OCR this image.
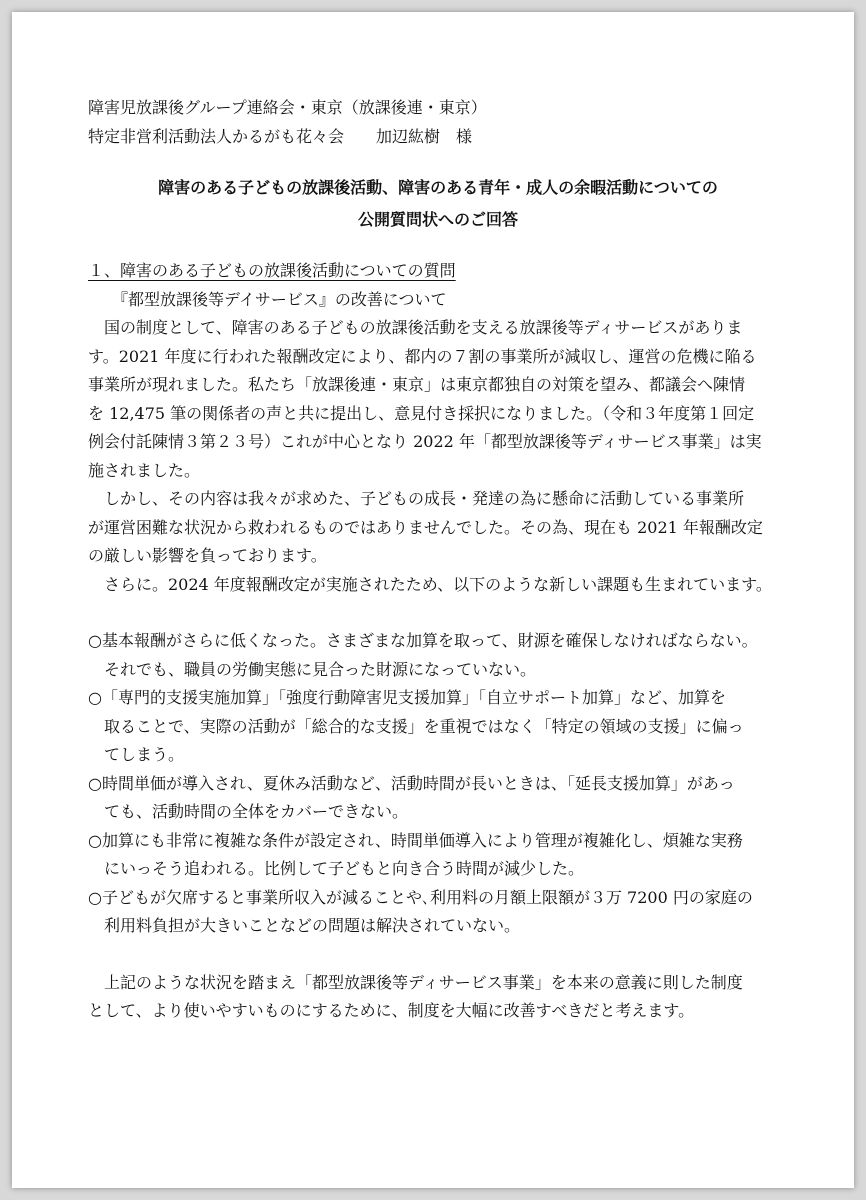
障害児放課後グループ連絡会・東京（放課後連・東京）

特定非営利活動法人かるがも花々会　　加辺紘樹　様

障害のある子どもの放課後活動、障害のある青年・成人の余暇活動についての

公開質問状へのご回答

１、障害のある子どもの放課後活動についての質問

『都型放課後等デイサービス』の改善について

国の制度として、障害のある子どもの放課後活動を支える放課後等ディサービスがありま

す。2021 年度に行われた報酬改定により、都内の７割の事業所が減収し、運営の危機に陥る

事業所が現れました。私たち「放課後連・東京」は東京都独自の対策を望み、都議会へ陳情

を 12,475 筆の関係者の声と共に提出し、意見付き採択になりました。（令和３年度第１回定

例会付託陳情３第２３号）これが中心となり 2022 年「都型放課後等ディサービス事業」は実

施されました。

しかし、その内容は我々が求めた、子どもの成長・発達の為に懸命に活動している事業所

が運営困難な状況から救われるものではありませんでした。その為、現在も 2021 年報酬改定

の厳しい影響を負っております。

さらに。2024 年度報酬改定が実施されたため、以下のような新しい課題も生まれています。

○基本報酬がさらに低くなった。さまざまな加算を取って、財源を確保しなければならない。

それでも、職員の労働実態に見合った財源になっていない。

○「専門的支援実施加算」「強度行動障害児支援加算」「自立サポート加算」など、加算を

取ることで、実際の活動が「総合的な支援」を重視ではなく「特定の領域の支援」に偏っ

てしまう。

○時間単価が導入され、夏休み活動など、活動時間が長いときは、「延長支援加算」があっ

ても、活動時間の全体をカバーできない。

○加算にも非常に複雑な条件が設定され、時間単価導入により管理が複雑化し、煩雑な実務

にいっそう追われる。比例して子どもと向き合う時間が減少した。

○子どもが欠席すると事業所収入が減ることや､利用料の月額上限額が３万 7200 円の家庭の

利用料負担が大きいことなどの問題は解決されていない。

上記のような状況を踏まえ「都型放課後等ディサービス事業」を本来の意義に則した制度

として、より使いやすいものにするために、制度を大幅に改善すべきだと考えます。
